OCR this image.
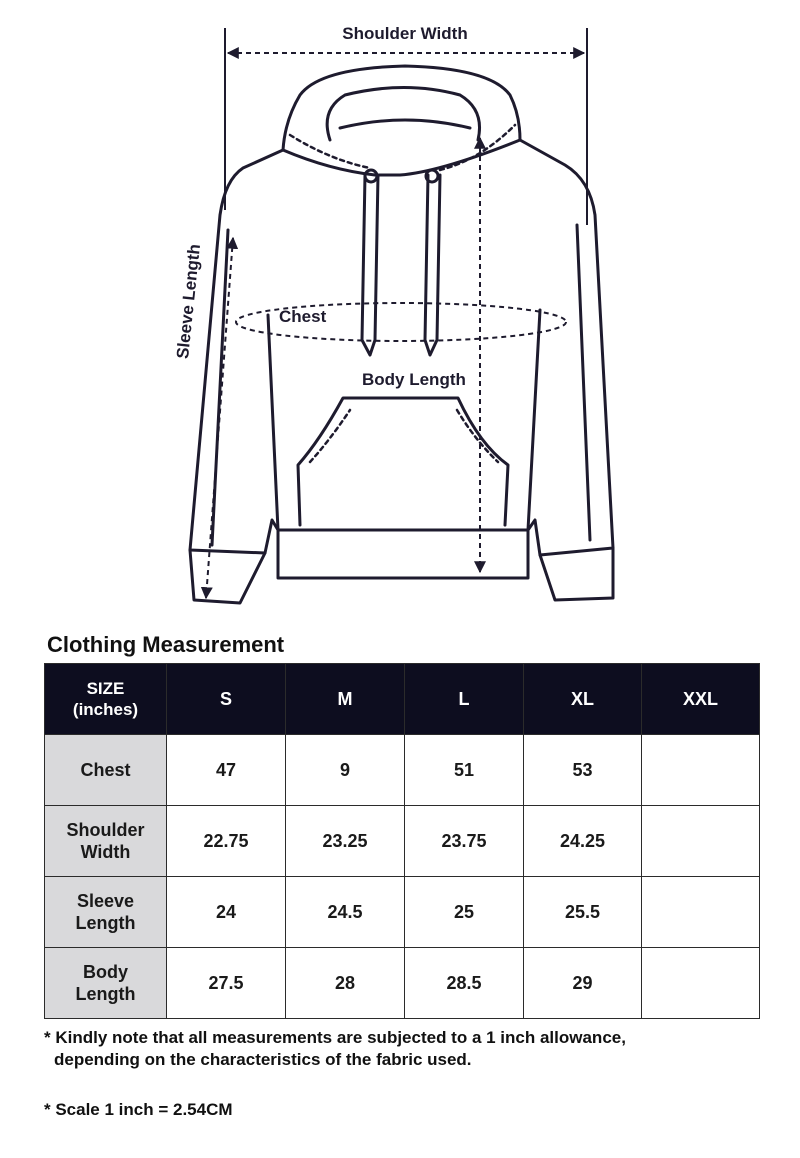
Shoulder Width
Chest
Body Length
Sleeve Length
Clothing Measurement
SIZE
(inches)	S	M	L	XL	XXL
Chest	47	9	51	53	
Shoulder
Width	22.75	23.25	23.75	24.25	
Sleeve
Length	24	24.5	25	25.5	
Body
Length	27.5	28	28.5	29	
* Kindly note that all measurements are subjected to a 1 inch allowance,
depending on the characteristics of the fabric used.
* Scale 1 inch = 2.54CM
